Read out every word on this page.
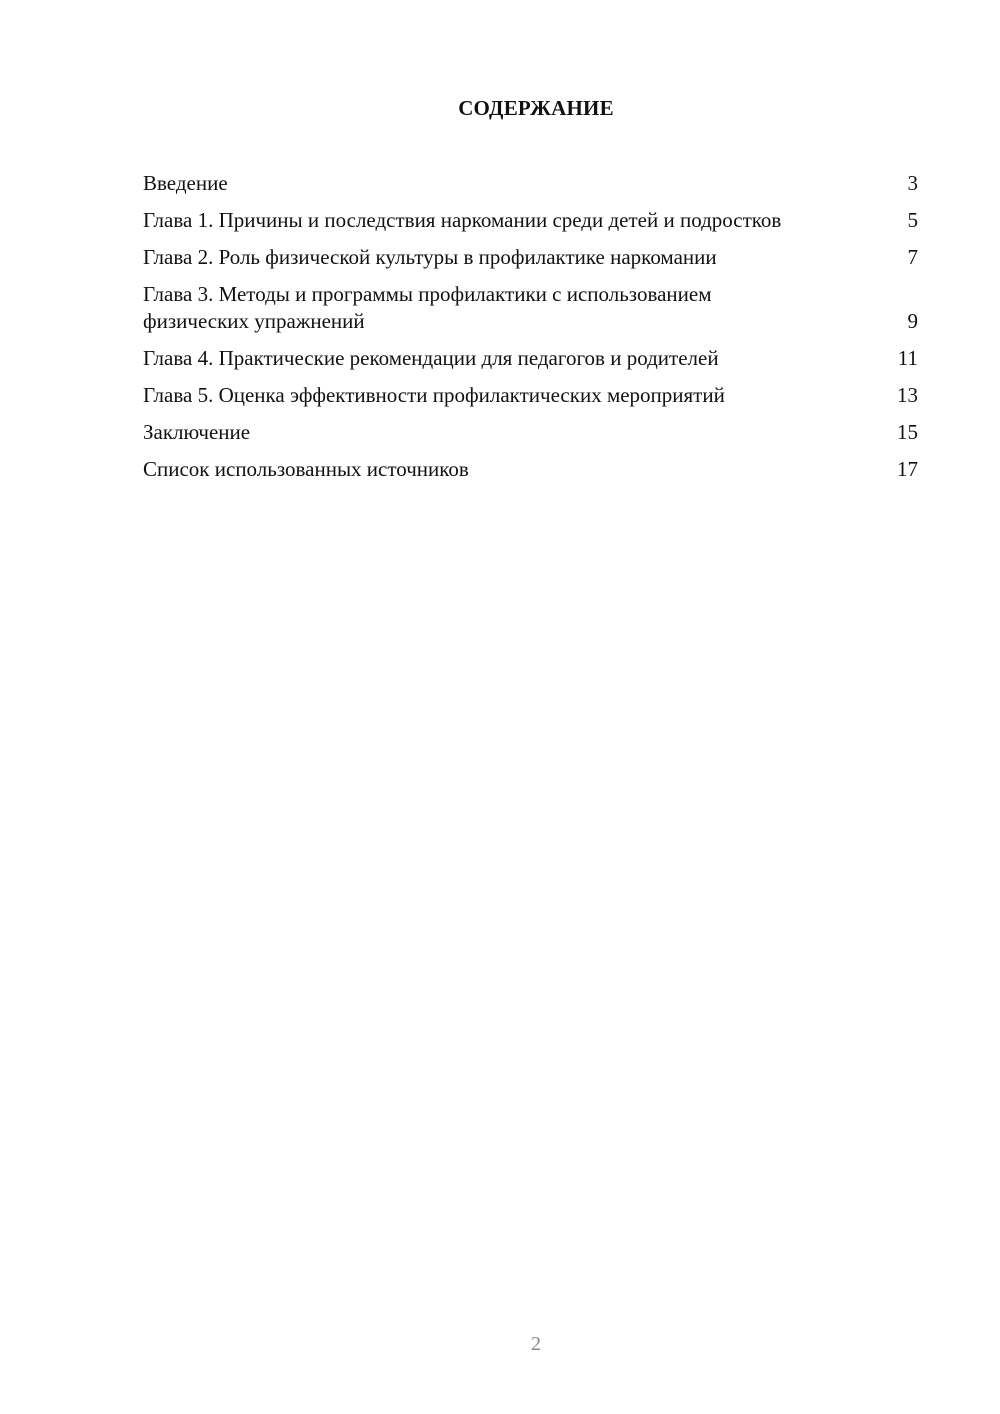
СОДЕРЖАНИЕ
Введение	3
Глава 1. Причины и последствия наркомании среди детей и подростков	5
Глава 2. Роль физической культуры в профилактике наркомании	7
Глава 3. Методы и программы профилактики с использованием физических упражнений	9
Глава 4. Практические рекомендации для педагогов и родителей	11
Глава 5. Оценка эффективности профилактических мероприятий	13
Заключение	15
Список использованных источников	17
2
